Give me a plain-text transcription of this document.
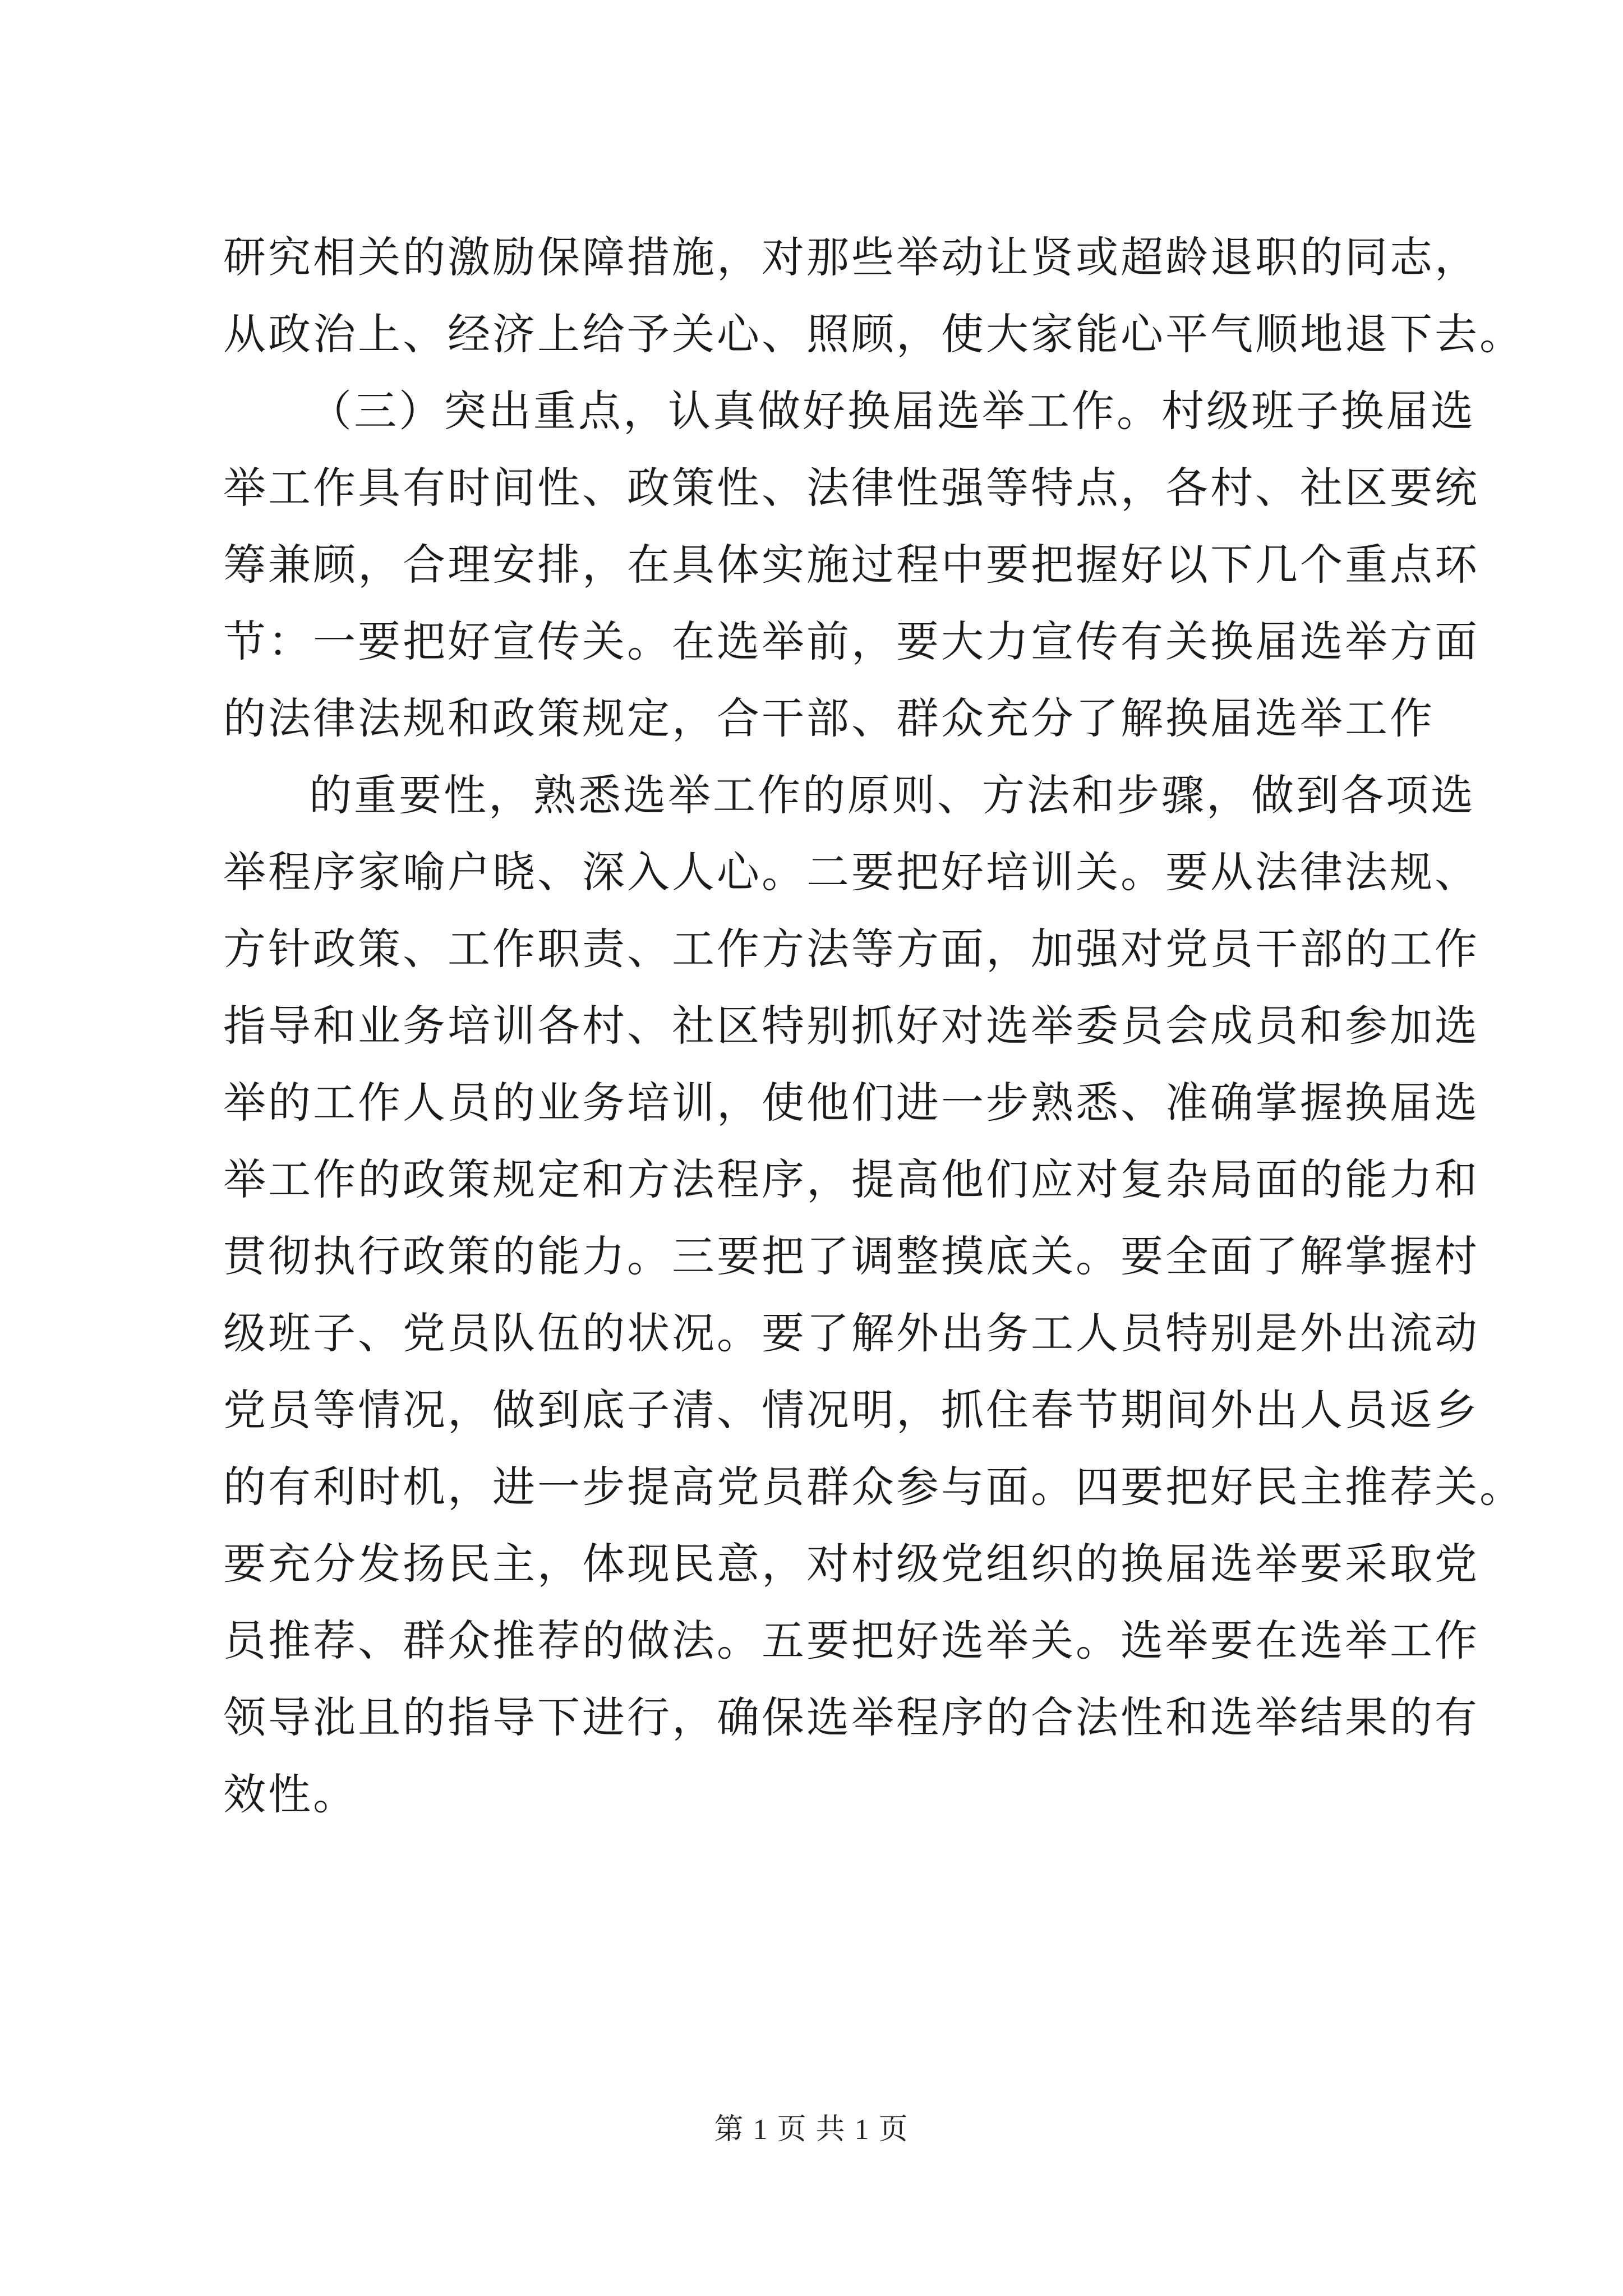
研究相关的激励保障措施，对那些举动让贤或超龄退职的同志，
从政治上、经济上给予关心、照顾，使大家能心平气顺地退下去。
（三）突出重点，认真做好换届选举工作。村级班子换届选
举工作具有时间性、政策性、法律性强等特点，各村、社区要统
筹兼顾，合理安排，在具体实施过程中要把握好以下几个重点环
节：一要把好宣传关。在选举前，要大力宣传有关换届选举方面
的法律法规和政策规定，合干部、群众充分了解换届选举工作
的重要性，熟悉选举工作的原则、方法和步骤，做到各项选
举程序家喻户晓、深入人心。二要把好培训关。要从法律法规、
方针政策、工作职责、工作方法等方面，加强对党员干部的工作
指导和业务培训各村、社区特别抓好对选举委员会成员和参加选
举的工作人员的业务培训，使他们进一步熟悉、准确掌握换届选
举工作的政策规定和方法程序，提高他们应对复杂局面的能力和
贯彻执行政策的能力。三要把了调整摸底关。要全面了解掌握村
级班子、党员队伍的状况。要了解外出务工人员特别是外出流动
党员等情况，做到底子清、情况明，抓住春节期间外出人员返乡
的有利时机，进一步提高党员群众参与面。四要把好民主推荐关。
要充分发扬民主，体现民意，对村级党组织的换届选举要采取党
员推荐、群众推荐的做法。五要把好选举关。选举要在选举工作
领导沘且的指导下进行，确保选举程序的合法性和选举结果的有
效性。
第 1 页 共 1 页
